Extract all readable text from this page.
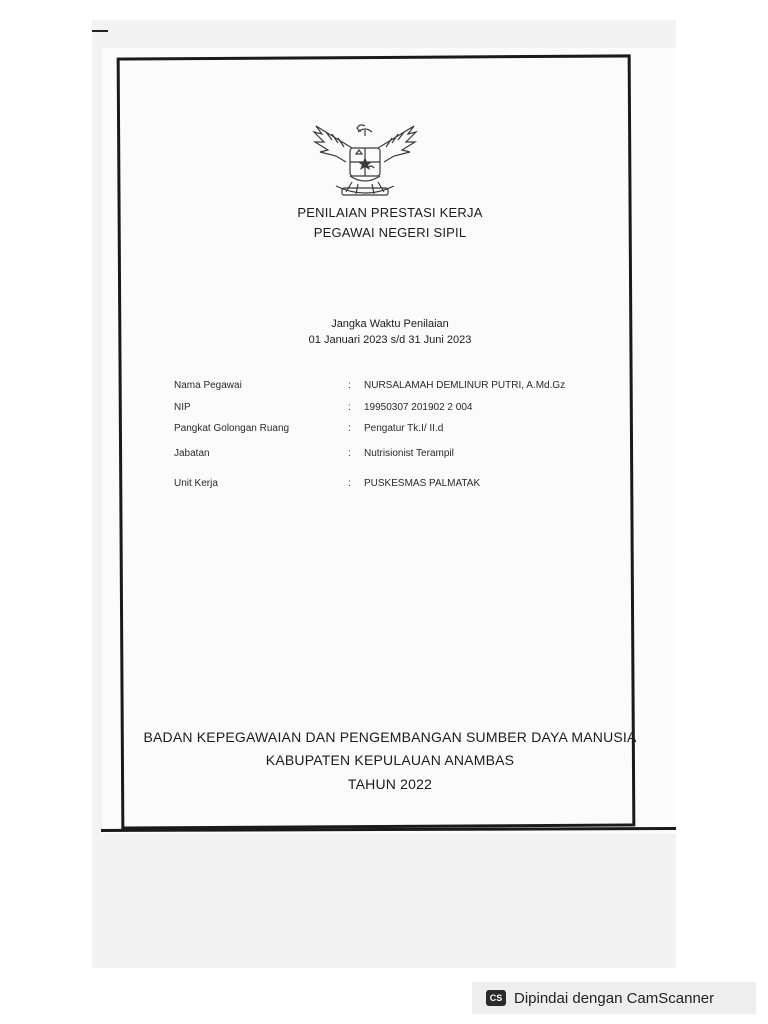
PENILAIAN PRESTASI KERJA
PEGAWAI NEGERI SIPIL
Jangka Waktu Penilaian
01 Januari 2023 s/d 31 Juni 2023
Nama Pegawai	: NURSALAMAH DEMLINUR PUTRI, A.Md.Gz
NIP	: 19950307 201902 2 004
Pangkat Golongan Ruang	: Pengatur Tk.I/ II.d
Jabatan	: Nutrisionist Terampil
Unit Kerja	: PUSKESMAS PALMATAK
BADAN KEPEGAWAIAN DAN PENGEMBANGAN SUMBER DAYA MANUSIA
KABUPATEN KEPULAUAN ANAMBAS
TAHUN 2022
CS Dipindai dengan CamScanner
